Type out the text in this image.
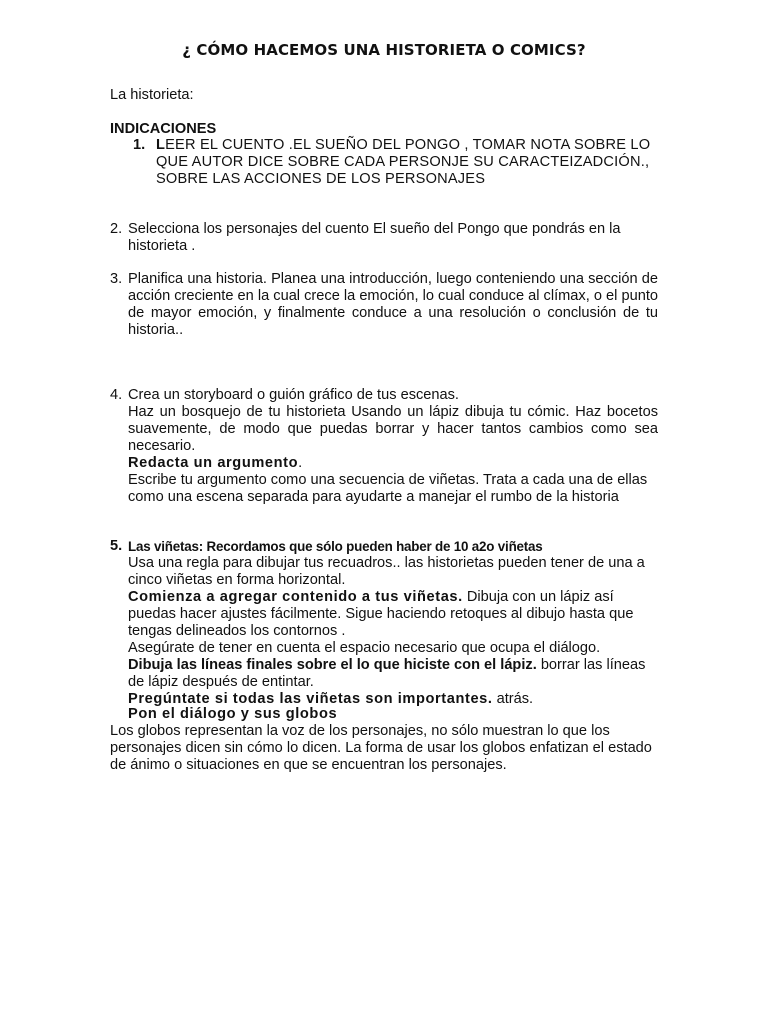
¿ CÓMO HACEMOS UNA HISTORIETA O COMICS?
La historieta:
INDICACIONES
1. LEER EL CUENTO .EL SUEÑO DEL PONGO , TOMAR NOTA SOBRE LO QUE AUTOR DICE SOBRE CADA PERSONJE SU CARACTEIZADCIÓN., SOBRE LAS ACCIONES DE LOS PERSONAJES
2. Selecciona los personajes del cuento El sueño del Pongo que pondrás en la historieta .
3. Planifica una historia. Planea una introducción, luego conteniendo una sección de acción creciente en la cual crece la emoción, lo cual conduce al clímax, o el punto de mayor emoción, y finalmente conduce a una resolución o conclusión de tu historia..
4. Crea un storyboard o guión gráfico de tus escenas.
Haz un bosquejo de tu historieta Usando un lápiz dibuja tu cómic. Haz bocetos suavemente, de modo que puedas borrar y hacer tantos cambios como sea necesario.
Redacta un argumento.
Escribe tu argumento como una secuencia de viñetas. Trata a cada una de ellas como una escena separada para ayudarte a manejar el rumbo de la historia
5. Las viñetas: Recordamos que sólo pueden haber de 10 a2o viñetas
Usa una regla para dibujar tus recuadros.. las historietas pueden tener de una a cinco viñetas en forma horizontal.
Comienza a agregar contenido a tus viñetas. Dibuja con un lápiz así puedas hacer ajustes fácilmente. Sigue haciendo retoques al dibujo hasta que tengas delineados los contornos .
Asegúrate de tener en cuenta el espacio necesario que ocupa el diálogo.
Dibuja las líneas finales sobre el lo que hiciste con el lápiz. borrar las líneas de lápiz después de entintar.
Pregúntate si todas las viñetas son importantes. atrás.
Pon el diálogo y sus globos
Los globos representan la voz de los personajes, no sólo muestran lo que los personajes dicen sin cómo lo dicen. La forma de usar los globos enfatizan el estado de ánimo o situaciones en que se encuentran los personajes.
